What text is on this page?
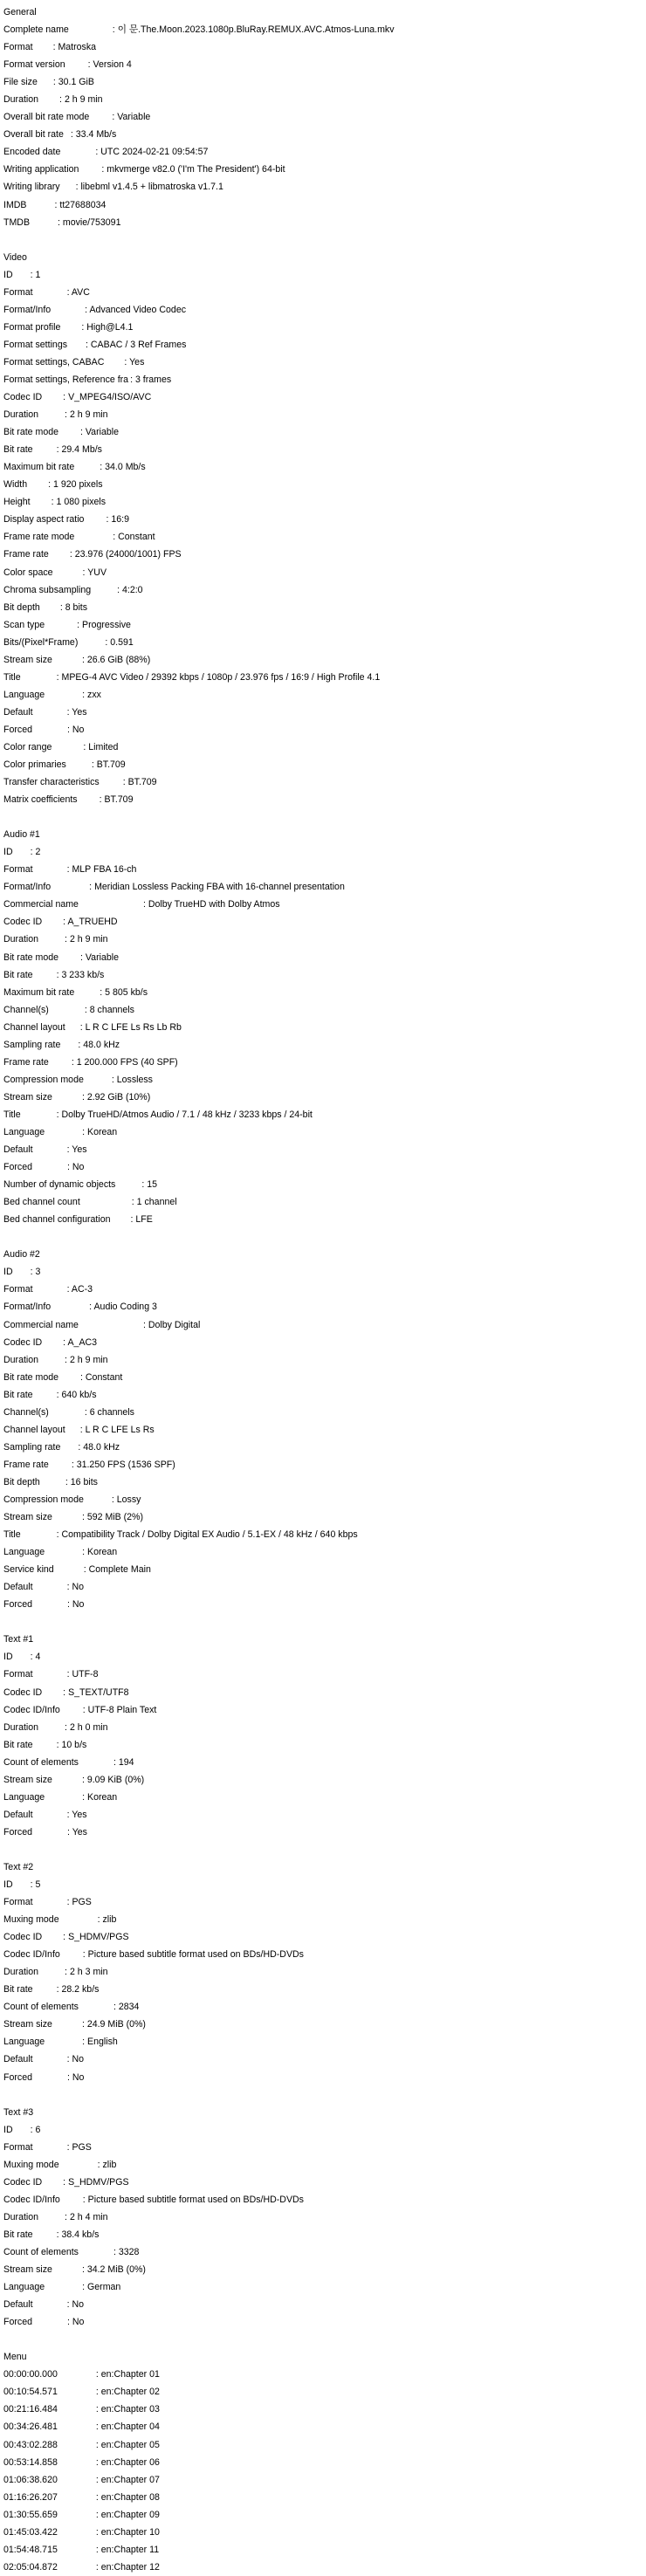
General
Complete name	: 이 문.The.Moon.2023.1080p.BluRay.REMUX.AVC.Atmos-Luna.mkv
Format : Matroska
Format version : Version 4
File size : 30.1 GiB
Duration : 2 h 9 min
Overall bit rate mode : Variable
Overall bit rate : 33.4 Mb/s
Encoded date	: UTC 2024-02-21 09:54:57
Writing application : mkvmerge v82.0 ('I'm The President') 64-bit
Writing library : libebml v1.4.5 + libmatroska v1.7.1
IMDB	: tt27688034
TMDB	: movie/753091
Video
ID : 1
Format	: AVC
Format/Info	: Advanced Video Codec
Format profile : High@L4.1
Format settings : CABAC / 3 Ref Frames
Format settings, CABAC : Yes
Format settings, Reference fra : 3 frames
Codec ID : V_MPEG4/ISO/AVC
Duration	: 2 h 9 min
Bit rate mode : Variable
Bit rate	: 29.4 Mb/s
Maximum bit rate	: 34.0 Mb/s
Width : 1 920 pixels
Height : 1 080 pixels
Display aspect ratio : 16:9
Frame rate mode	: Constant
Frame rate : 23.976 (24000/1001) FPS
Color space	: YUV
Chroma subsampling	: 4:2:0
Bit depth : 8 bits
Scan type	: Progressive
Bits/(Pixel*Frame)	: 0.591
Stream size	: 26.6 GiB (88%)
Title	: MPEG-4 AVC Video / 29392 kbps / 1080p / 23.976 fps / 16:9 / High Profile 4.1
Language	: zxx
Default	: Yes
Forced	: No
Color range	: Limited
Color primaries	: BT.709
Transfer characteristics	: BT.709
Matrix coefficients : BT.709
Audio #1
ID : 2
Format	: MLP FBA 16-ch
Format/Info	: Meridian Lossless Packing FBA with 16-channel presentation
Commercial name	: Dolby TrueHD with Dolby Atmos
Codec ID : A_TRUEHD
Duration	: 2 h 9 min
Bit rate mode : Variable
Bit rate	: 3 233 kb/s
Maximum bit rate	: 5 805 kb/s
Channel(s)	: 8 channels
Channel layout : L R C LFE Ls Rs Lb Rb
Sampling rate : 48.0 kHz
Frame rate : 1 200.000 FPS (40 SPF)
Compression mode	: Lossless
Stream size	: 2.92 GiB (10%)
Title	: Dolby TrueHD/Atmos Audio / 7.1 / 48 kHz / 3233 kbps / 24-bit
Language	: Korean
Default	: Yes
Forced	: No
Number of dynamic objects	: 15
Bed channel count	: 1 channel
Bed channel configuration : LFE
Audio #2
ID : 3
Format	: AC-3
Format/Info	: Audio Coding 3
Commercial name	: Dolby Digital
Codec ID : A_AC3
Duration	: 2 h 9 min
Bit rate mode : Constant
Bit rate	: 640 kb/s
Channel(s)	: 6 channels
Channel layout : L R C LFE Ls Rs
Sampling rate : 48.0 kHz
Frame rate : 31.250 FPS (1536 SPF)
Bit depth	: 16 bits
Compression mode	: Lossy
Stream size	: 592 MiB (2%)
Title	: Compatibility Track / Dolby Digital EX Audio / 5.1-EX / 48 kHz / 640 kbps
Language	: Korean
Service kind	: Complete Main
Default	: No
Forced	: No
Text #1
ID : 4
Format	: UTF-8
Codec ID : S_TEXT/UTF8
Codec ID/Info : UTF-8 Plain Text
Duration	: 2 h 0 min
Bit rate	: 10 b/s
Count of elements	: 194
Stream size	: 9.09 KiB (0%)
Language	: Korean
Default	: Yes
Forced	: Yes
Text #2
ID : 5
Format	: PGS
Muxing mode	: zlib
Codec ID : S_HDMV/PGS
Codec ID/Info : Picture based subtitle format used on BDs/HD-DVDs
Duration	: 2 h 3 min
Bit rate	: 28.2 kb/s
Count of elements	: 2834
Stream size	: 24.9 MiB (0%)
Language	: English
Default	: No
Forced	: No
Text #3
ID : 6
Format	: PGS
Muxing mode	: zlib
Codec ID : S_HDMV/PGS
Codec ID/Info : Picture based subtitle format used on BDs/HD-DVDs
Duration	: 2 h 4 min
Bit rate	: 38.4 kb/s
Count of elements	: 3328
Stream size	: 34.2 MiB (0%)
Language	: German
Default	: No
Forced	: No
Menu
00:00:00.000	: en:Chapter 01
00:10:54.571	: en:Chapter 02
00:21:16.484	: en:Chapter 03
00:34:26.481	: en:Chapter 04
00:43:02.288	: en:Chapter 05
00:53:14.858	: en:Chapter 06
01:06:38.620	: en:Chapter 07
01:16:26.207	: en:Chapter 08
01:30:55.659	: en:Chapter 09
01:45:03.422	: en:Chapter 10
01:54:48.715	: en:Chapter 11
02:05:04.872	: en:Chapter 12
